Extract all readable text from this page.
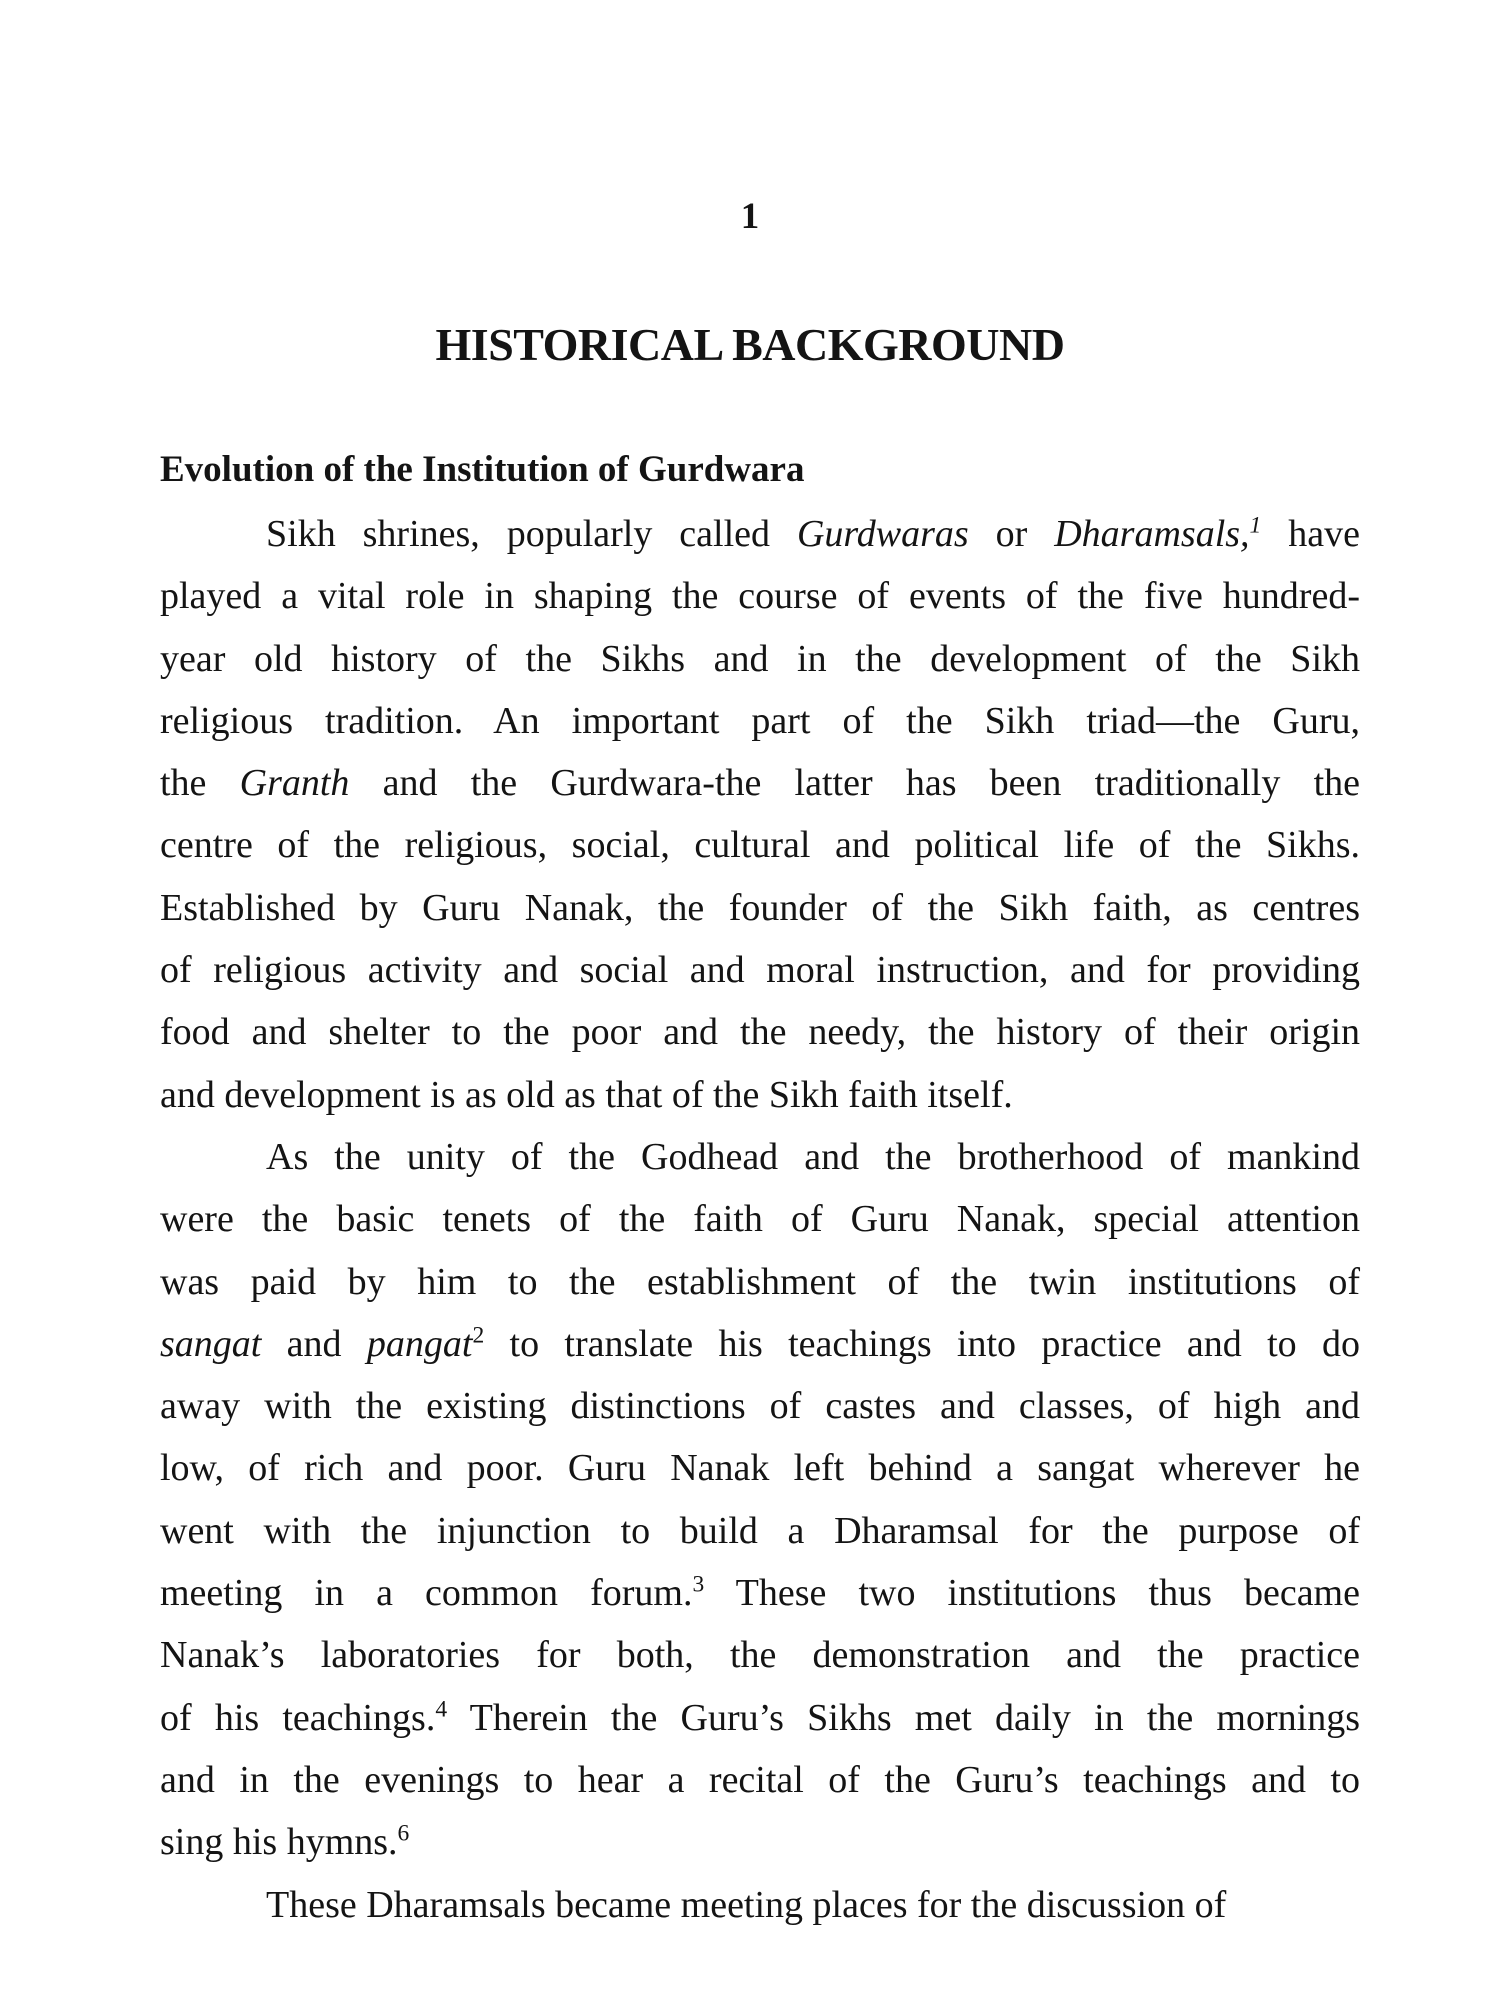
1
HISTORICAL BACKGROUND
Evolution of the Institution of Gurdwara
Sikh shrines, popularly called Gurdwaras or Dharamsals,$^1$ have
played a vital role in shaping the course of events of the five hundred-
year old history of the Sikhs and in the development of the Sikh
religious tradition. An important part of the Sikh triad—the Guru,
the Granth and the Gurdwara-the latter has been traditionally the
centre of the religious, social, cultural and political life of the Sikhs.
Established by Guru Nanak, the founder of the Sikh faith, as centres
of religious activity and social and moral instruction, and for providing
food and shelter to the poor and the needy, the history of their origin
and development is as old as that of the Sikh faith itself.
As the unity of the Godhead and the brotherhood of mankind
were the basic tenets of the faith of Guru Nanak, special attention
was paid by him to the establishment of the twin institutions of
sangat and pangat$^2$ to translate his teachings into practice and to do
away with the existing distinctions of castes and classes, of high and
low, of rich and poor. Guru Nanak left behind a sangat wherever he
went with the injunction to build a Dharamsal for the purpose of
meeting in a common forum.$^3$ These two institutions thus became
Nanak’s laboratories for both, the demonstration and the practice
of his teachings.$^4$ Therein the Guru’s Sikhs met daily in the mornings
and in the evenings to hear a recital of the Guru’s teachings and to
sing his hymns.$^6$
These Dharamsals became meeting places for the discussion of
